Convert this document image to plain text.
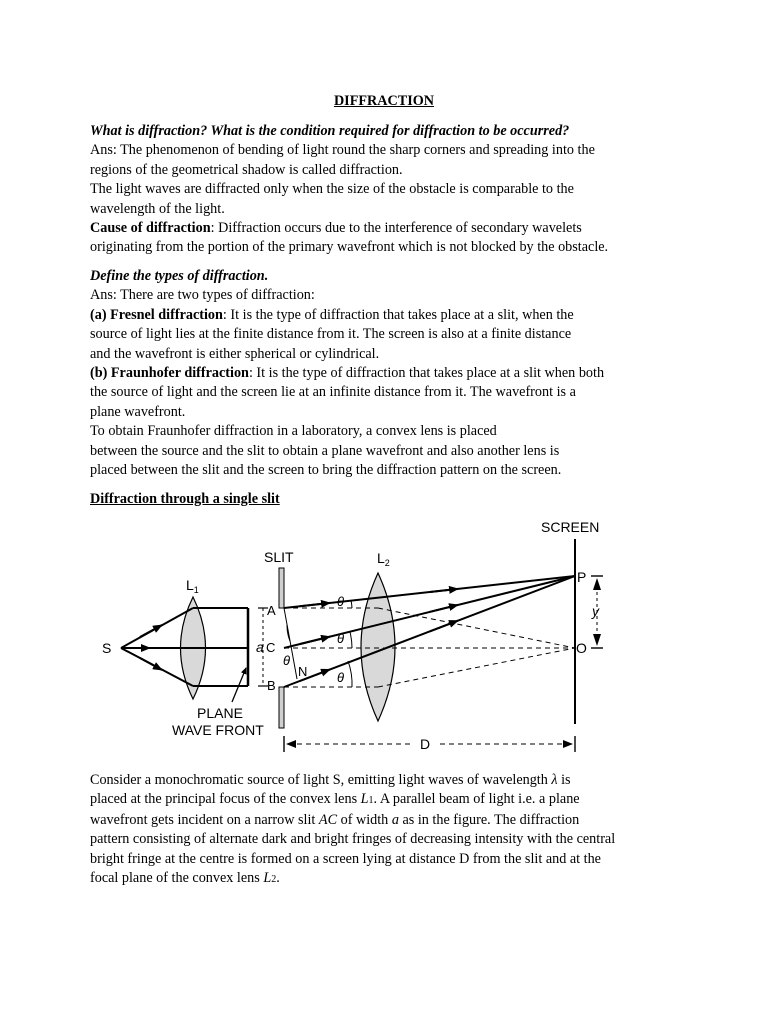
DIFFRACTION
What is diffraction? What is the condition required for diffraction to be occurred?
Ans: The phenomenon of bending of light round the sharp corners and spreading into the
regions of the geometrical shadow is called diffraction.
The light waves are diffracted only when the size of the obstacle is comparable to the
wavelength of the light.
Cause of diffraction: Diffraction occurs due to the interference of secondary wavelets
originating from the portion of the primary wavefront which is not blocked by the obstacle.
Define the types of diffraction.
Ans: There are two types of diffraction:
(a) Fresnel diffraction: It is the type of diffraction that takes place at a slit, when the
source of light lies at the finite distance from it. The screen is also at a finite distance
and the wavefront is either spherical or cylindrical.
(b) Fraunhofer diffraction: It is the type of diffraction that takes place at a slit when both
the source of light and the screen lie at an infinite distance from it. The wavefront is a
plane wavefront.
To obtain Fraunhofer diffraction in a laboratory, a convex lens is placed
between the source and the slit to obtain a plane wavefront and also another lens is
placed between the slit and the screen to bring the diffraction pattern on the screen.
Diffraction through a single slit
SCREEN
SLIT
$L_1$
$L_2$
S
P
O
y
A
a C
B
N
θ
θ
θ
θ
PLANE
WAVE FRONT
D
Consider a monochromatic source of light S, emitting light waves of wavelength λ is
placed at the principal focus of the convex lens L1. A parallel beam of light i.e. a plane
wavefront gets incident on a narrow slit AC of width a as in the figure. The diffraction
pattern consisting of alternate dark and bright fringes of decreasing intensity with the central
bright fringe at the centre is formed on a screen lying at distance D from the slit and at the
focal plane of the convex lens L2.
